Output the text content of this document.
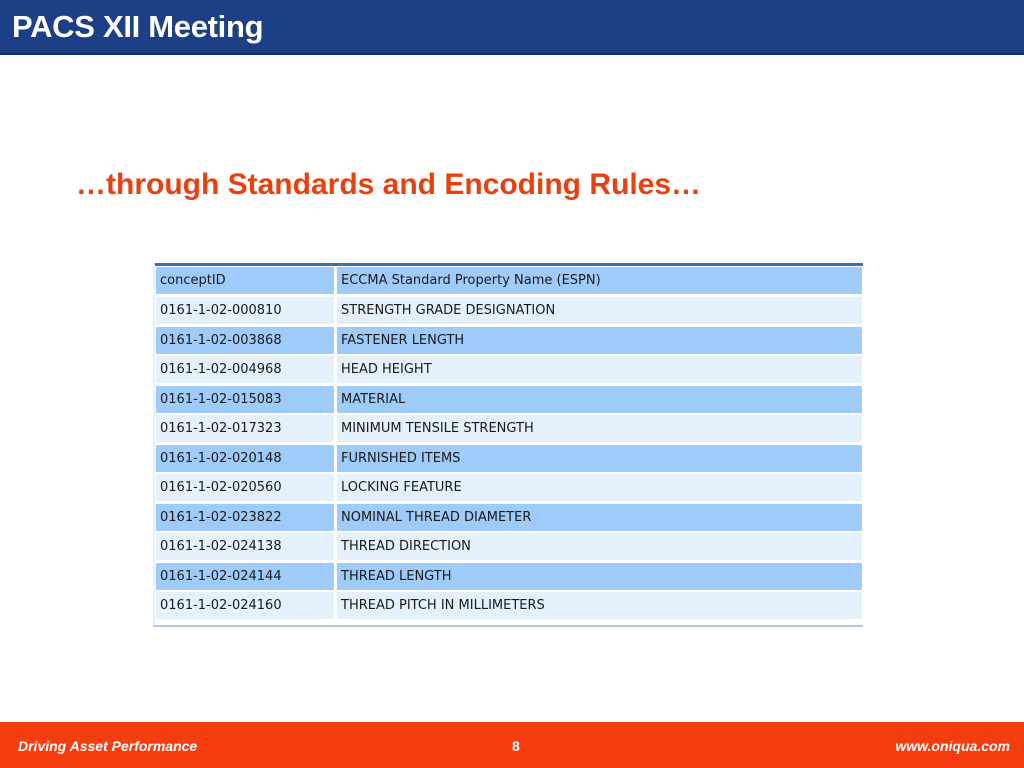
PACS XII Meeting
…through Standards and Encoding Rules…
conceptID	ECCMA Standard Property Name (ESPN)
0161-1-02-000810	STRENGTH GRADE DESIGNATION
0161-1-02-003868	FASTENER LENGTH
0161-1-02-004968	HEAD HEIGHT
0161-1-02-015083	MATERIAL
0161-1-02-017323	MINIMUM TENSILE STRENGTH
0161-1-02-020148	FURNISHED ITEMS
0161-1-02-020560	LOCKING FEATURE
0161-1-02-023822	NOMINAL THREAD DIAMETER
0161-1-02-024138	THREAD DIRECTION
0161-1-02-024144	THREAD LENGTH
0161-1-02-024160	THREAD PITCH IN MILLIMETERS
Driving Asset Performance	8	www.oniqua.com
